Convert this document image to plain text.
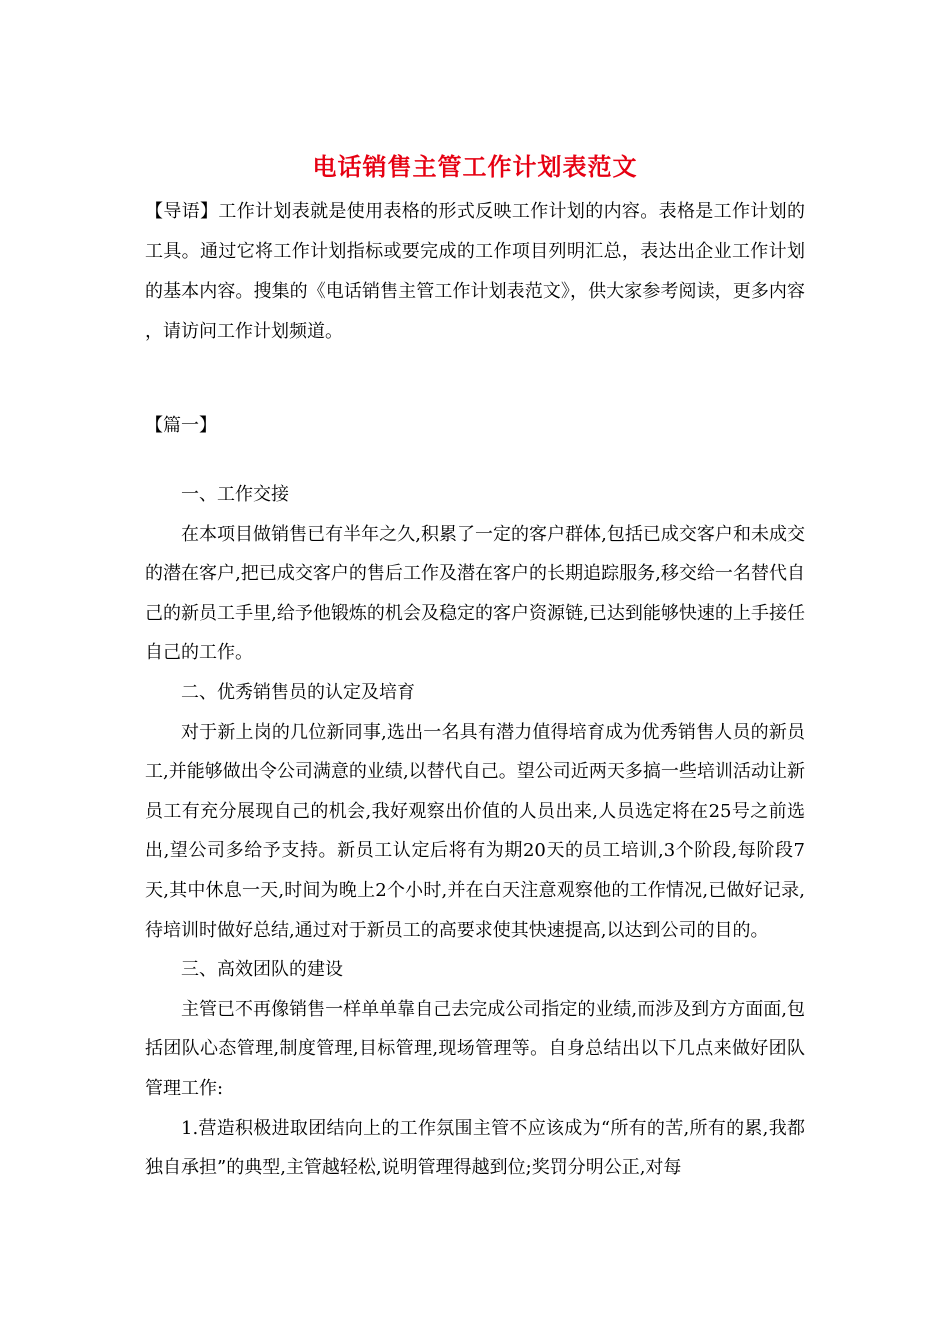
电话销售主管工作计划表范文
【导语】工作计划表就是使用表格的形式反映工作计划的内容。表格是工作计划的工具。通过它将工作计划指标或要完成的工作项目列明汇总，表达出企业工作计划的基本内容。搜集的《电话销售主管工作计划表范文》，供大家参考阅读，更多内容 ，请访问工作计划频道。
【篇一】

一、工作交接

在本项目做销售已有半年之久,积累了一定的客户群体,包括已成交客户和未成交的潜在客户,把已成交客户的售后工作及潜在客户的长期追踪服务,移交给一名替代自己的新员工手里,给予他锻炼的机会及稳定的客户资源链,已达到能够快速的上手接任自己的工作。

二、优秀销售员的认定及培育

对于新上岗的几位新同事,选出一名具有潜力值得培育成为优秀销售人员的新员工,并能够做出令公司满意的业绩,以替代自己。望公司近两天多搞一些培训活动让新员工有充分展现自己的机会,我好观察出价值的人员出来,人员选定将在25号之前选出,望公司多给予支持。新员工认定后将有为期20天的员工培训,3个阶段,每阶段7天,其中休息一天,时间为晚上2个小时,并在白天注意观察他的工作情况,已做好记录,待培训时做好总结,通过对于新员工的高要求使其快速提高,以达到公司的目的。

三、高效团队的建设

主管已不再像销售一样单单靠自己去完成公司指定的业绩,而涉及到方方面面,包括团队心态管理,制度管理,目标管理,现场管理等。自身总结出以下几点来做好团队管理工作:

1.营造积极进取团结向上的工作氛围主管不应该成为“所有的苦,所有的累,我都独自承担”的典型,主管越轻松,说明管理得越到位;奖罚分明公正,对每
